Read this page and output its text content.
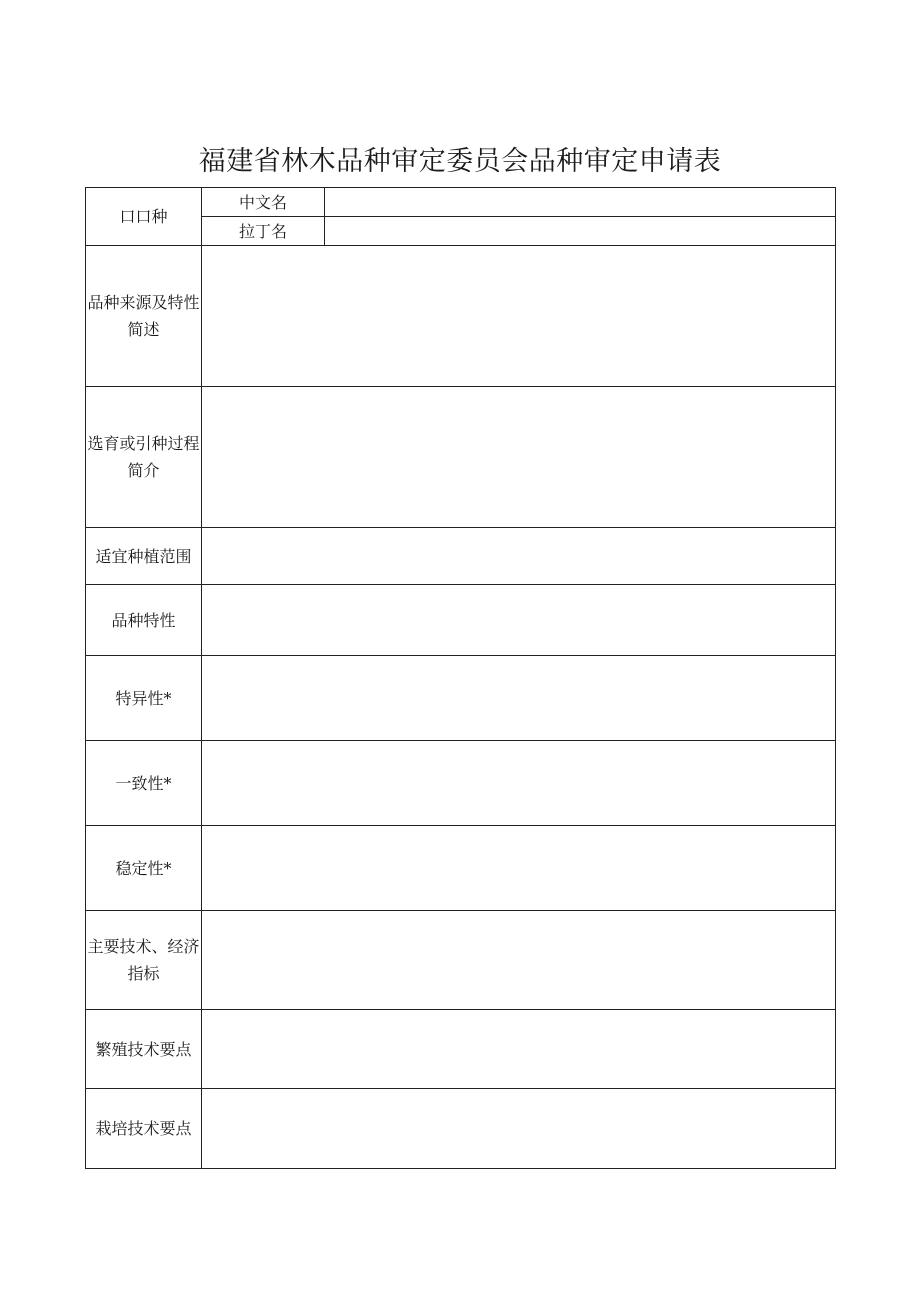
福建省林木品种审定委员会品种审定申请表
口口种	中文名	
	拉丁名	
品种来源及特性简述		
选育或引种过程简介		
适宜种植范围		
品种特性		
特异性*		
一致性*		
稳定性*		
主要技术、经济指标		
繁殖技术要点		
栽培技术要点		
